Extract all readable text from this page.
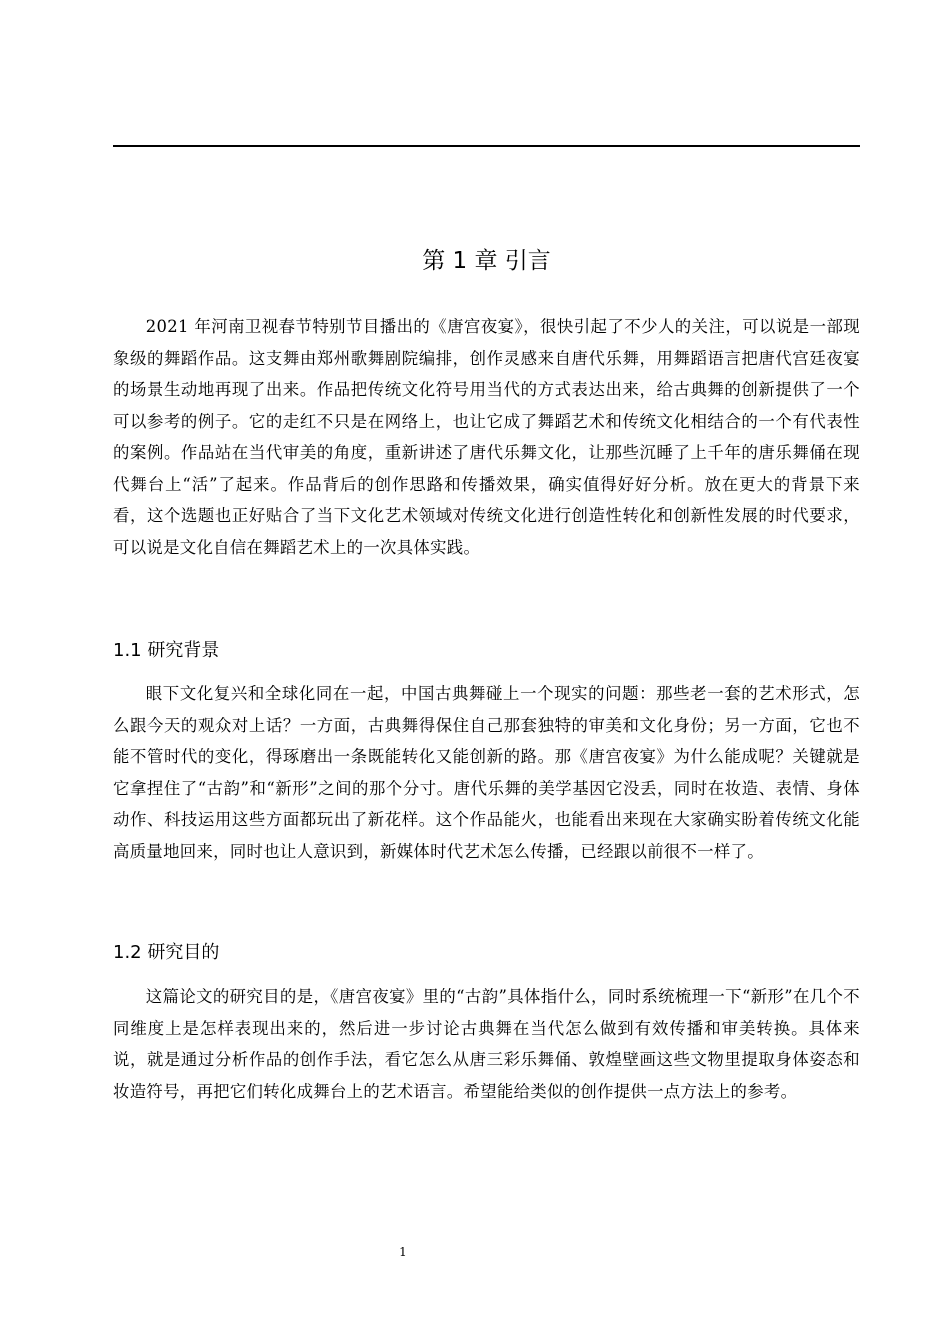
第 1 章 引言

2021 年河南卫视春节特别节目播出的《唐宫夜宴》，很快引起了不少人的关注，可以说是一部现象级的舞蹈作品。这支舞由郑州歌舞剧院编排，创作灵感来自唐代乐舞，用舞蹈语言把唐代宫廷夜宴的场景生动地再现了出来。作品把传统文化符号用当代的方式表达出来，给古典舞的创新提供了一个可以参考的例子。它的走红不只是在网络上，也让它成了舞蹈艺术和传统文化相结合的一个有代表性的案例。作品站在当代审美的角度，重新讲述了唐代乐舞文化，让那些沉睡了上千年的唐乐舞俑在现代舞台上“活”了起来。作品背后的创作思路和传播效果，确实值得好好分析。放在更大的背景下来看，这个选题也正好贴合了当下文化艺术领域对传统文化进行创造性转化和创新性发展的时代要求，可以说是文化自信在舞蹈艺术上的一次具体实践。

1.1 研究背景

眼下文化复兴和全球化同在一起，中国古典舞碰上一个现实的问题：那些老一套的艺术形式，怎么跟今天的观众对上话？一方面，古典舞得保住自己那套独特的审美和文化身份；另一方面，它也不能不管时代的变化，得琢磨出一条既能转化又能创新的路。那《唐宫夜宴》为什么能成呢？关键就是它拿捏住了“古韵”和“新形”之间的那个分寸。唐代乐舞的美学基因它没丢，同时在妆造、表情、身体动作、科技运用这些方面都玩出了新花样。这个作品能火，也能看出来现在大家确实盼着传统文化能高质量地回来，同时也让人意识到，新媒体时代艺术怎么传播，已经跟以前很不一样了。

1.2 研究目的

这篇论文的研究目的是，《唐宫夜宴》里的“古韵”具体指什么，同时系统梳理一下“新形”在几个不同维度上是怎样表现出来的，然后进一步讨论古典舞在当代怎么做到有效传播和审美转换。具体来说，就是通过分析作品的创作手法，看它怎么从唐三彩乐舞俑、敦煌壁画这些文物里提取身体姿态和妆造符号，再把它们转化成舞台上的艺术语言。希望能给类似的创作提供一点方法上的参考。

1
